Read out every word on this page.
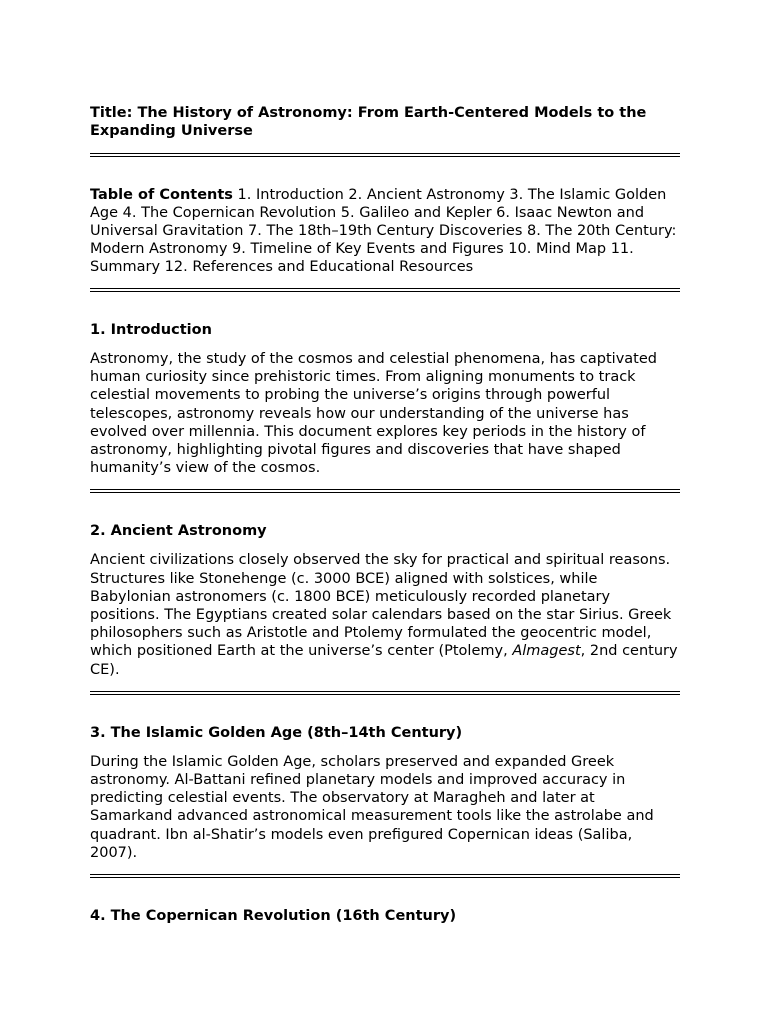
Title: The History of Astronomy: From Earth-Centered Models to the Expanding Universe

Table of Contents 1. Introduction 2. Ancient Astronomy 3. The Islamic Golden Age 4. The Copernican Revolution 5. Galileo and Kepler 6. Isaac Newton and Universal Gravitation 7. The 18th–19th Century Discoveries 8. The 20th Century: Modern Astronomy 9. Timeline of Key Events and Figures 10. Mind Map 11. Summary 12. References and Educational Resources

1. Introduction

Astronomy, the study of the cosmos and celestial phenomena, has captivated human curiosity since prehistoric times. From aligning monuments to track celestial movements to probing the universe’s origins through powerful telescopes, astronomy reveals how our understanding of the universe has evolved over millennia. This document explores key periods in the history of astronomy, highlighting pivotal figures and discoveries that have shaped humanity’s view of the cosmos.

2. Ancient Astronomy

Ancient civilizations closely observed the sky for practical and spiritual reasons. Structures like Stonehenge (c. 3000 BCE) aligned with solstices, while Babylonian astronomers (c. 1800 BCE) meticulously recorded planetary positions. The Egyptians created solar calendars based on the star Sirius. Greek philosophers such as Aristotle and Ptolemy formulated the geocentric model, which positioned Earth at the universe’s center (Ptolemy, Almagest, 2nd century CE).

3. The Islamic Golden Age (8th–14th Century)

During the Islamic Golden Age, scholars preserved and expanded Greek astronomy. Al-Battani refined planetary models and improved accuracy in predicting celestial events. The observatory at Maragheh and later at Samarkand advanced astronomical measurement tools like the astrolabe and quadrant. Ibn al-Shatir’s models even prefigured Copernican ideas (Saliba, 2007).

4. The Copernican Revolution (16th Century)
